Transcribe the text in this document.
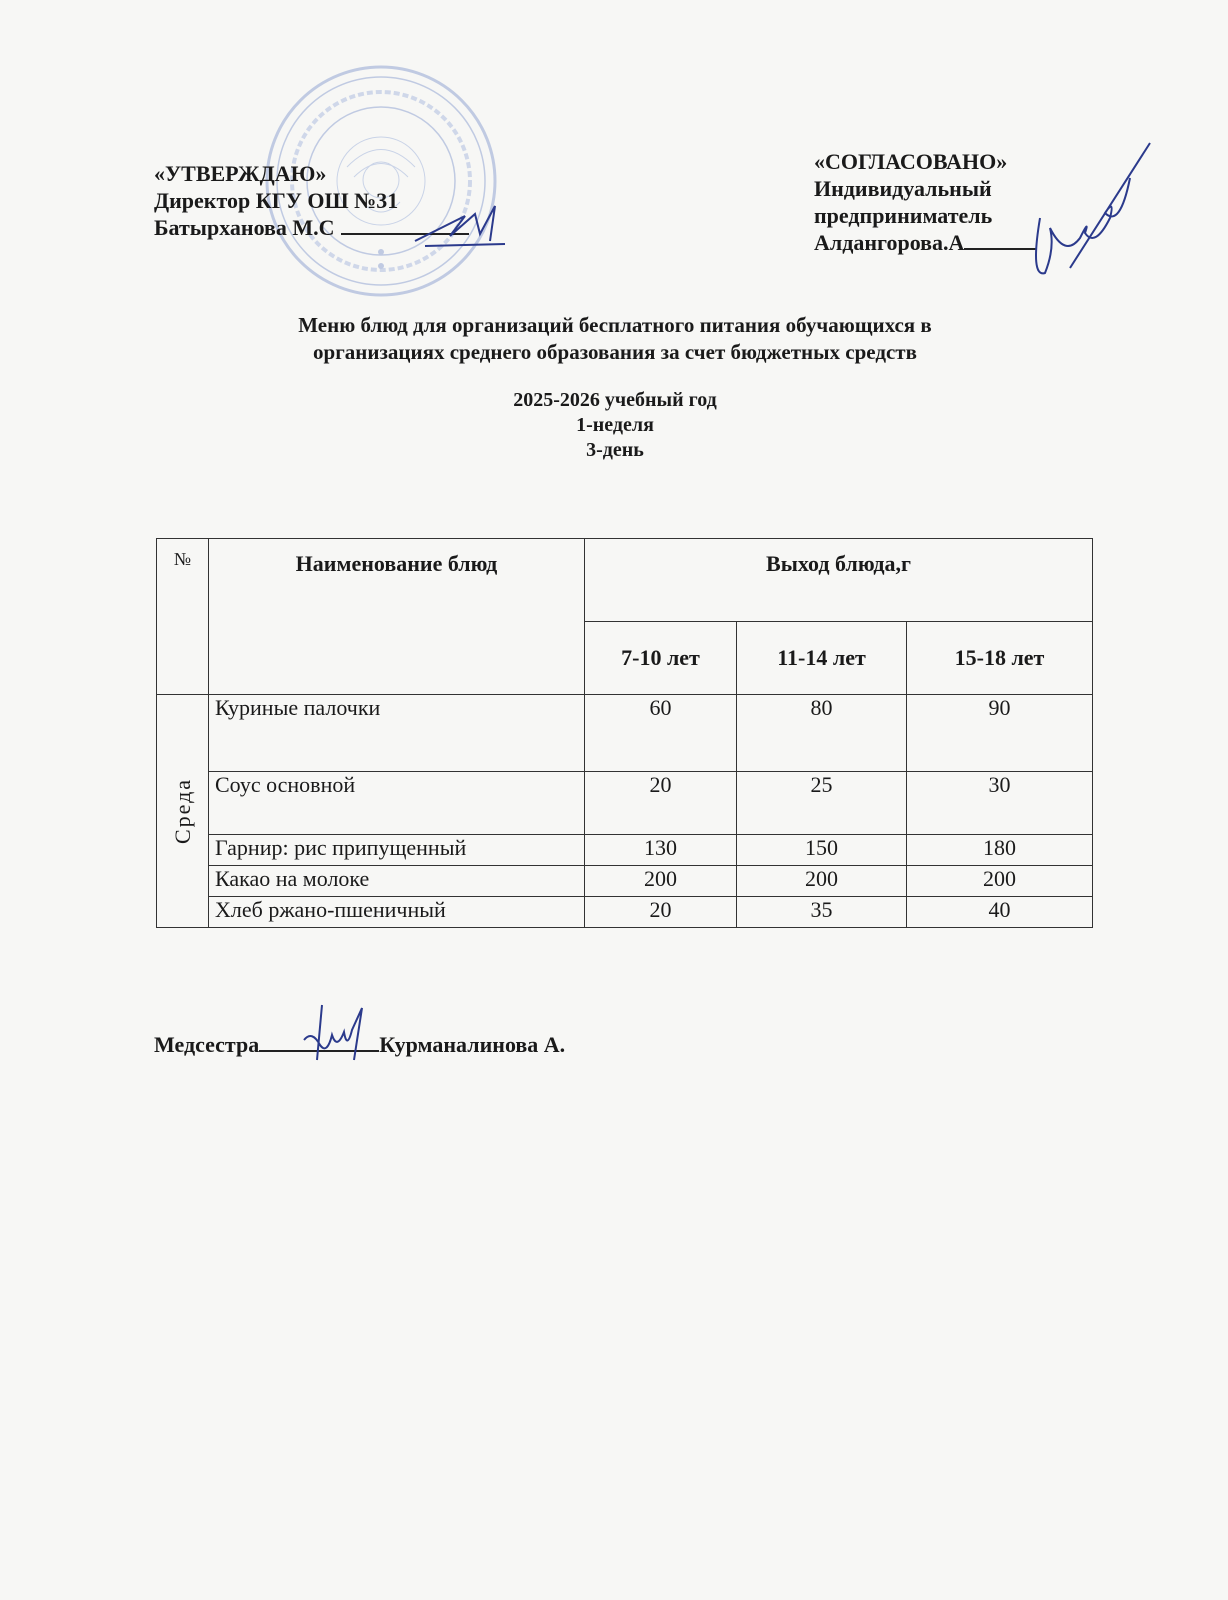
«УТВЕРЖДАЮ»
Директор КГУ ОШ №31
Батырханова М.С
«СОГЛАСОВАНО»
Индивидуальный
предприниматель
Алдангорова.А
Меню блюд для организаций бесплатного питания обучающихся в
организациях среднего образования за счет бюджетных средств
2025-2026 учебный год
1-неделя
3-день
№	Наименование блюд	Выход блюда,г		
		7-10 лет	11-14 лет	15-18 лет

Среда	Куриные палочки	60	80	90
	Соус основной	20	25	30
	Гарнир: рис припущенный	130	150	180
	Какао на молоке	200	200	200
	Хлеб ржано-пшеничный	20	35	40
Медсестра	Курманалинова А.
